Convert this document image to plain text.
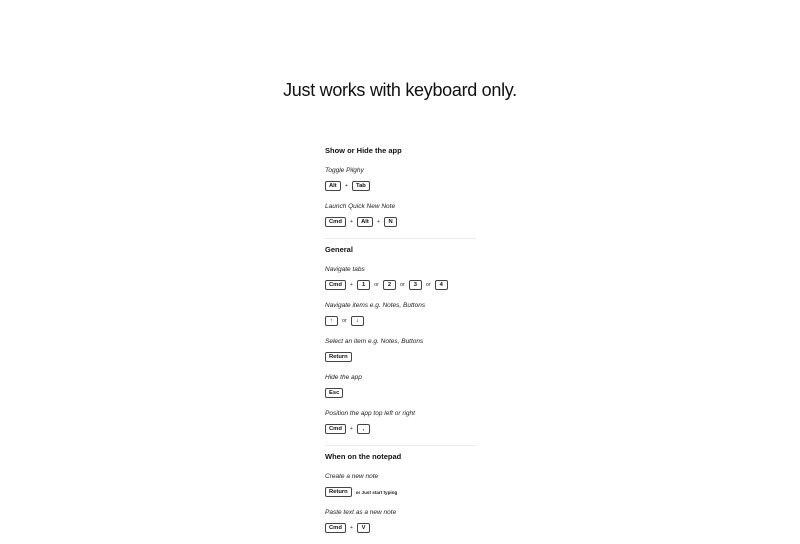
Just works with keyboard only.
Show or Hide the app

Toggle Pilghy

Alt	+	Tab

Launch Quick New Note

Cmd	+	Alt	+	N
General

Navigate tabs

Cmd	+	1	or	2	or	3	or	4

Navigate items e.g. Notes, Buttons

↑	or	↓

Select an item e.g. Notes, Buttons

Return

Hide the app

Esc

Position the app top left or right

Cmd	+	,
When on the notepad

Create a new note

Return	or Just start typing

Paste text as a new note

Cmd	+	V
